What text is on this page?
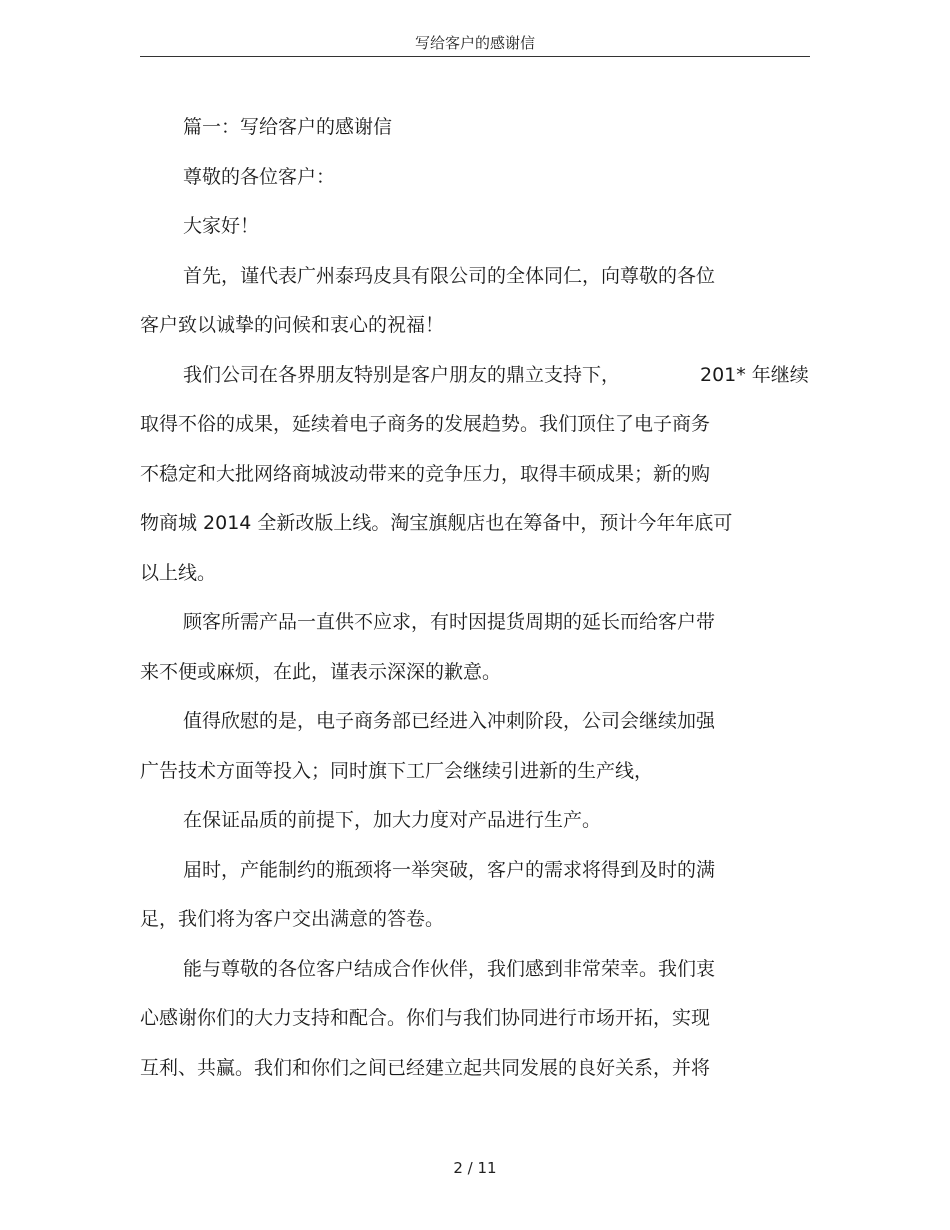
写给客户的感谢信
篇一：写给客户的感谢信
尊敬的各位客户：
大家好！
首先，谨代表广州泰玛皮具有限公司的全体同仁，向尊敬的各位
客户致以诚挚的问候和衷心的祝福！
我们公司在各界朋友特别是客户朋友的鼎立支持下，	201* 年继续
取得不俗的成果，延续着电子商务的发展趋势。我们顶住了电子商务
不稳定和大批网络商城波动带来的竞争压力，取得丰硕成果；新的购
物商城 2014 全新改版上线。淘宝旗舰店也在筹备中，预计今年年底可
以上线。
顾客所需产品一直供不应求，有时因提货周期的延长而给客户带
来不便或麻烦，在此，谨表示深深的歉意。
值得欣慰的是，电子商务部已经进入冲刺阶段，公司会继续加强
广告技术方面等投入；同时旗下工厂会继续引进新的生产线，
在保证品质的前提下，加大力度对产品进行生产。
届时，产能制约的瓶颈将一举突破，客户的需求将得到及时的满
足，我们将为客户交出满意的答卷。
能与尊敬的各位客户结成合作伙伴，我们感到非常荣幸。我们衷
心感谢你们的大力支持和配合。你们与我们协同进行市场开拓，实现
互利、共赢。我们和你们之间已经建立起共同发展的良好关系，并将
2 / 11
